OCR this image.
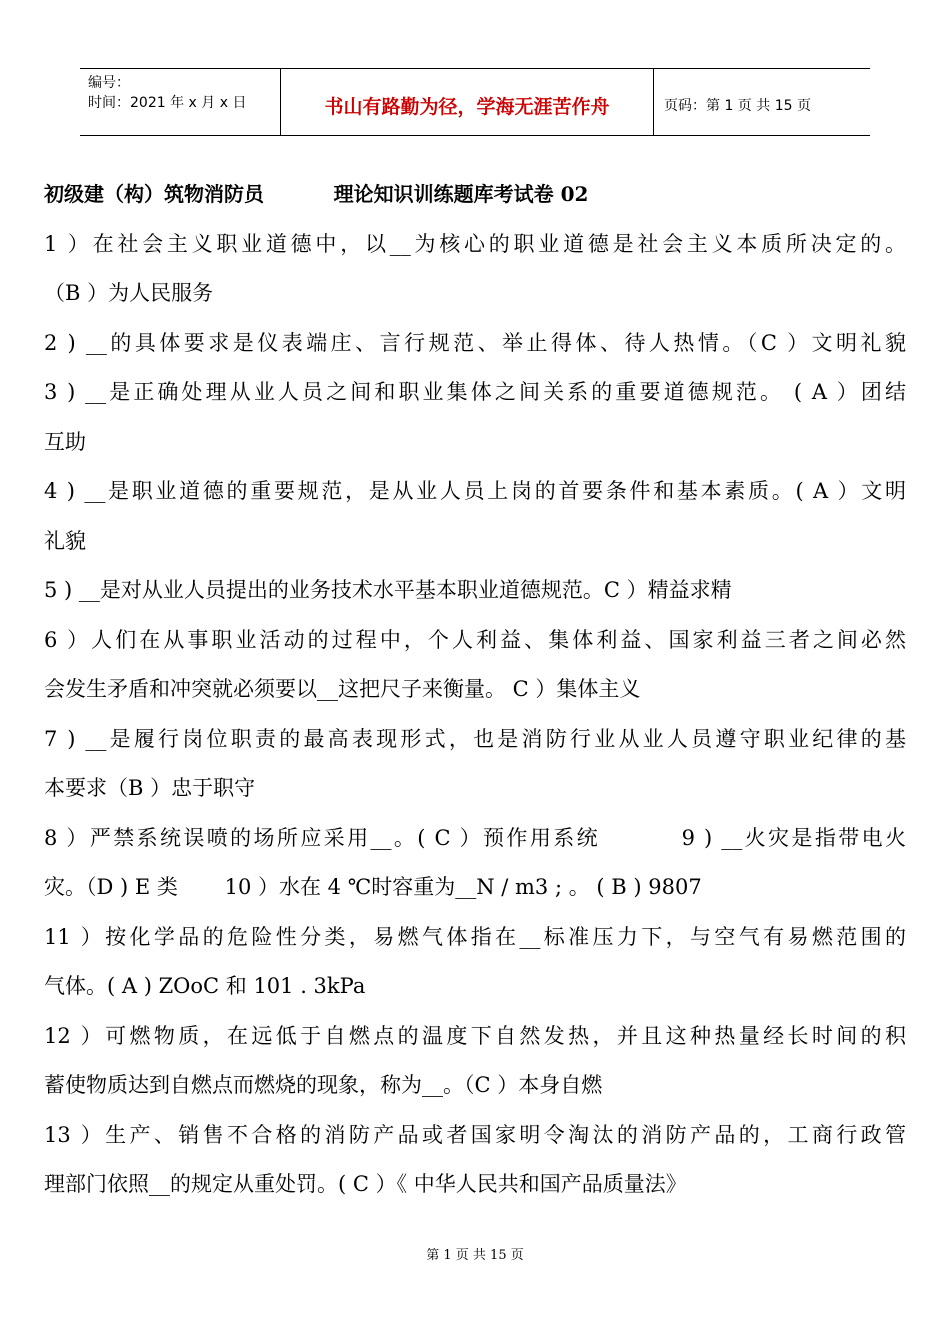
编号：
时间：2021 年 x 月 x 日	书山有路勤为径，学海无涯苦作舟	页码：第 1 页 共 15 页
初级建（构）筑物消防员          理论知识训练题库考试卷 02
1 ）在社会主义职业道德中，以__为核心的职业道德是社会主义本质所决定的。
（B ）为人民服务
2 ) __的具体要求是仪表端庄、言行规范、举止得体、待人热情。（C ）文明礼貌
3 ) __是正确处理从业人员之间和职业集体之间关系的重要道德规范。 ( A ）团结
互助
4 ) __是职业道德的重要规范，是从业人员上岗的首要条件和基本素质。( A ）文明
礼貌
5 ) __是对从业人员提出的业务技术水平基本职业道德规范。C ）精益求精
6 ）人们在从事职业活动的过程中，个人利益、集体利益、国家利益三者之间必然
会发生矛盾和冲突就必须要以__这把尺子来衡量。 C ）集体主义
7 ) __是履行岗位职责的最高表现形式，也是消防行业从业人员遵守职业纪律的基
本要求（B ）忠于职守
8 ）严禁系统误喷的场所应采用__。( C ）预作用系统         9 ) __火灾是指带电火
灾。（D ) E 类       10 ）水在 4 ℃时容重为__N / m3 ; 。 ( B ) 9807
11 ）按化学品的危险性分类，易燃气体指在__标准压力下，与空气有易燃范围的
气体。( A ) ZOoC 和 101 . 3kPa
12 ）可燃物质，在远低于自燃点的温度下自然发热，并且这种热量经长时间的积
蓄使物质达到自燃点而燃烧的现象，称为__。（C ）本身自燃
13 ）生产、销售不合格的消防产品或者国家明令淘汰的消防产品的，工商行政管
理部门依照__的规定从重处罚。( C ）《 中华人民共和国产品质量法》
第 1 页 共 15 页
